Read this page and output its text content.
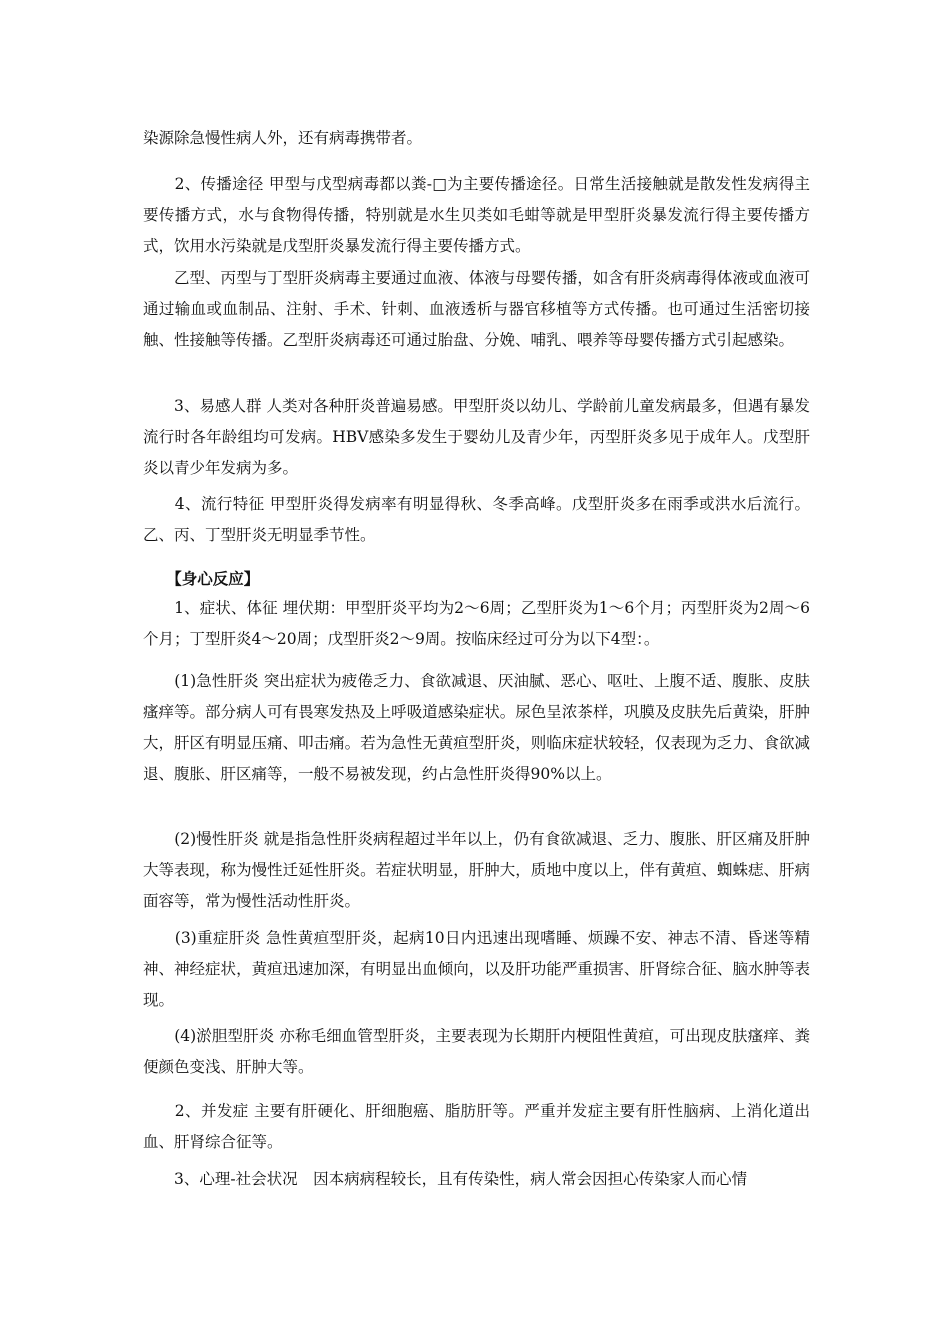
染源除急慢性病人外，还有病毒携带者。

　　2、传播途径 甲型与戊型病毒都以粪-□为主要传播途径。日常生活接触就是散发性发病得主要传播方式，水与食物得传播，特别就是水生贝类如毛蚶等就是甲型肝炎暴发流行得主要传播方式，饮用水污染就是戊型肝炎暴发流行得主要传播方式。

　　乙型、丙型与丁型肝炎病毒主要通过血液、体液与母婴传播，如含有肝炎病毒得体液或血液可通过输血或血制品、注射、手术、针刺、血液透析与器官移植等方式传播。也可通过生活密切接触、性接触等传播。乙型肝炎病毒还可通过胎盘、分娩、哺乳、喂养等母婴传播方式引起感染。

　　3、易感人群 人类对各种肝炎普遍易感。甲型肝炎以幼儿、学龄前儿童发病最多，但遇有暴发流行时各年龄组均可发病。HBV感染多发生于婴幼儿及青少年，丙型肝炎多见于成年人。戊型肝炎以青少年发病为多。

　　4、流行特征 甲型肝炎得发病率有明显得秋、冬季高峰。戊型肝炎多在雨季或洪水后流行。乙、丙、丁型肝炎无明显季节性。

　　【身心反应】

　　1、症状、体征 埋伏期：甲型肝炎平均为2～6周；乙型肝炎为1～6个月；丙型肝炎为2周～6个月；丁型肝炎4～20周；戊型肝炎2～9周。按临床经过可分为以下4型：。

　　(1)急性肝炎 突出症状为疲倦乏力、食欲减退、厌油腻、恶心、呕吐、上腹不适、腹胀、皮肤瘙痒等。部分病人可有畏寒发热及上呼吸道感染症状。尿色呈浓茶样，巩膜及皮肤先后黄染，肝肿大，肝区有明显压痛、叩击痛。若为急性无黄疸型肝炎，则临床症状较轻，仅表现为乏力、食欲减退、腹胀、肝区痛等，一般不易被发现，约占急性肝炎得90%以上。

　　(2)慢性肝炎 就是指急性肝炎病程超过半年以上，仍有食欲减退、乏力、腹胀、肝区痛及肝肿大等表现，称为慢性迁延性肝炎。若症状明显，肝肿大，质地中度以上，伴有黄疸、蜘蛛痣、肝病面容等，常为慢性活动性肝炎。

　　(3)重症肝炎 急性黄疸型肝炎，起病10日内迅速出现嗜睡、烦躁不安、神志不清、昏迷等精神、神经症状，黄疸迅速加深，有明显出血倾向，以及肝功能严重损害、肝肾综合征、脑水肿等表现。

　　(4)淤胆型肝炎 亦称毛细血管型肝炎，主要表现为长期肝内梗阻性黄疸，可出现皮肤瘙痒、粪便颜色变浅、肝肿大等。

　　2、并发症 主要有肝硬化、肝细胞癌、脂肪肝等。严重并发症主要有肝性脑病、上消化道出血、肝肾综合征等。

　　3、心理-社会状况　因本病病程较长，且有传染性，病人常会因担心传染家人而心情
